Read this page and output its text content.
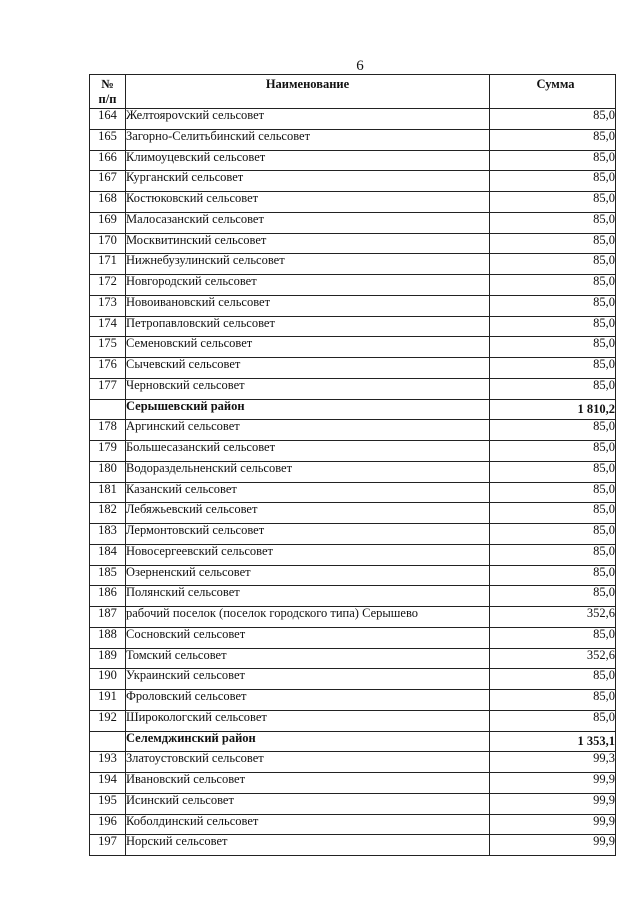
6
№
п/п	Наименование	Сумма
164	Желтоярovский сельсовет	85,0
165	Загорно-Селитьбинский сельсовет	85,0
166	Климоуцевский сельсовет	85,0
167	Курганский сельсовет	85,0
168	Костюковский сельсовет	85,0
169	Малосазанский сельсовет	85,0
170	Москвитинский сельсовет	85,0
171	Нижнебузулинский сельсовет	85,0
172	Новгородский сельсовет	85,0
173	Новоивановский сельсовет	85,0
174	Петропавловский сельсовет	85,0
175	Семеновский сельсовет	85,0
176	Сычевский сельсовет	85,0
177	Черновский сельсовет	85,0
	Серышевский район	1 810,2
178	Аргинский сельсовет	85,0
179	Большесазанский сельсовет	85,0
180	Водораздельненский сельсовет	85,0
181	Казанский сельсовет	85,0
182	Лебяжьевский сельсовет	85,0
183	Лермонтовский сельсовет	85,0
184	Новосергеевский сельсовет	85,0
185	Озерненский сельсовет	85,0
186	Полянский сельсовет	85,0
187	рабочий поселок (поселок городского типа) Серышево	352,6
188	Сосновский сельсовет	85,0
189	Томский сельсовет	352,6
190	Украинский сельсовет	85,0
191	Фроловский сельсовет	85,0
192	Широкологский сельсовет	85,0
	Селемджинский район	1 353,1
193	Златоустовский сельсовет	99,3
194	Ивановский сельсовет	99,9
195	Исинский сельсовет	99,9
196	Коболдинский сельсовет	99,9
197	Норский сельсовет	99,9
